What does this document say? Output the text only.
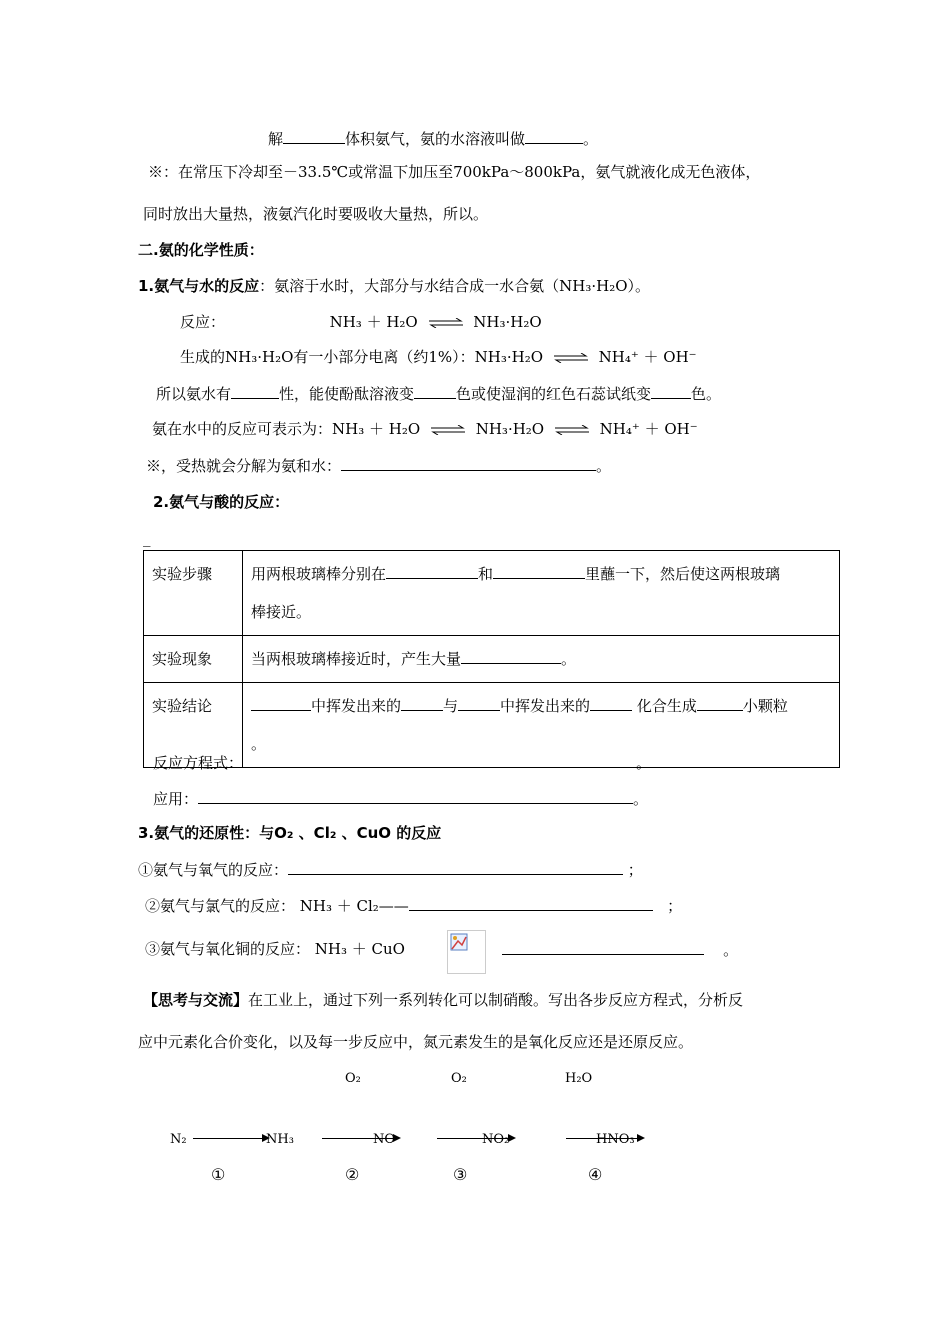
解	体积氨气，氨的水溶液叫做	。
※：在常压下冷却至－33.5℃或常温下加压至700kPa～800kPa，氨气就液化成无色液体，
同时放出大量热，液氨汽化时要吸收大量热，所以。
二.氨的化学性质：
1.氨气与水的反应：氨溶于水时，大部分与水结合成一水合氨（NH₃·H₂O）。
反应：	NH₃ ＋ H₂O ⇌ NH₃·H₂O
生成的NH₃·H₂O有一小部分电离（约1%）：NH₃·H₂O ⇌ NH₄⁺ ＋ OH⁻
所以氨水有	性，能使酚酞溶液变	色或使湿润的红色石蕊试纸变	色。
氨在水中的反应可表示为：NH₃ ＋ H₂O ⇌ NH₃·H₂O ⇌ NH₄⁺ ＋ OH⁻
※，受热就会分解为氨和水：	。
2.氨气与酸的反应：
_
实验步骤	用两根玻璃棒分别在 和 里蘸一下，然后使这两根玻璃
棒接近。
实验现象	当两根玻璃棒接近时，产生大量 。
实验结论	中挥发出来的 与 中挥发出来的 化合生成 小颗粒
。
反应方程式：	。
应用：	。
3.氨气的还原性：与O₂ 、Cl₂ 、CuO 的反应
①氨气与氧气的反应：	；
②氨气与氯气的反应： NH₃ ＋ Cl₂——	；
③氨气与氧化铜的反应： NH₃ ＋ CuO	。
【思考与交流】在工业上，通过下列一系列转化可以制硝酸。写出各步反应方程式，分析反
应中元素化合价变化，以及每一步反应中，氮元素发生的是氧化反应还是还原反应。
O₂	O₂	H₂O
N₂	NH₃	NO	NO₂	HNO₃
①	②	③	④
